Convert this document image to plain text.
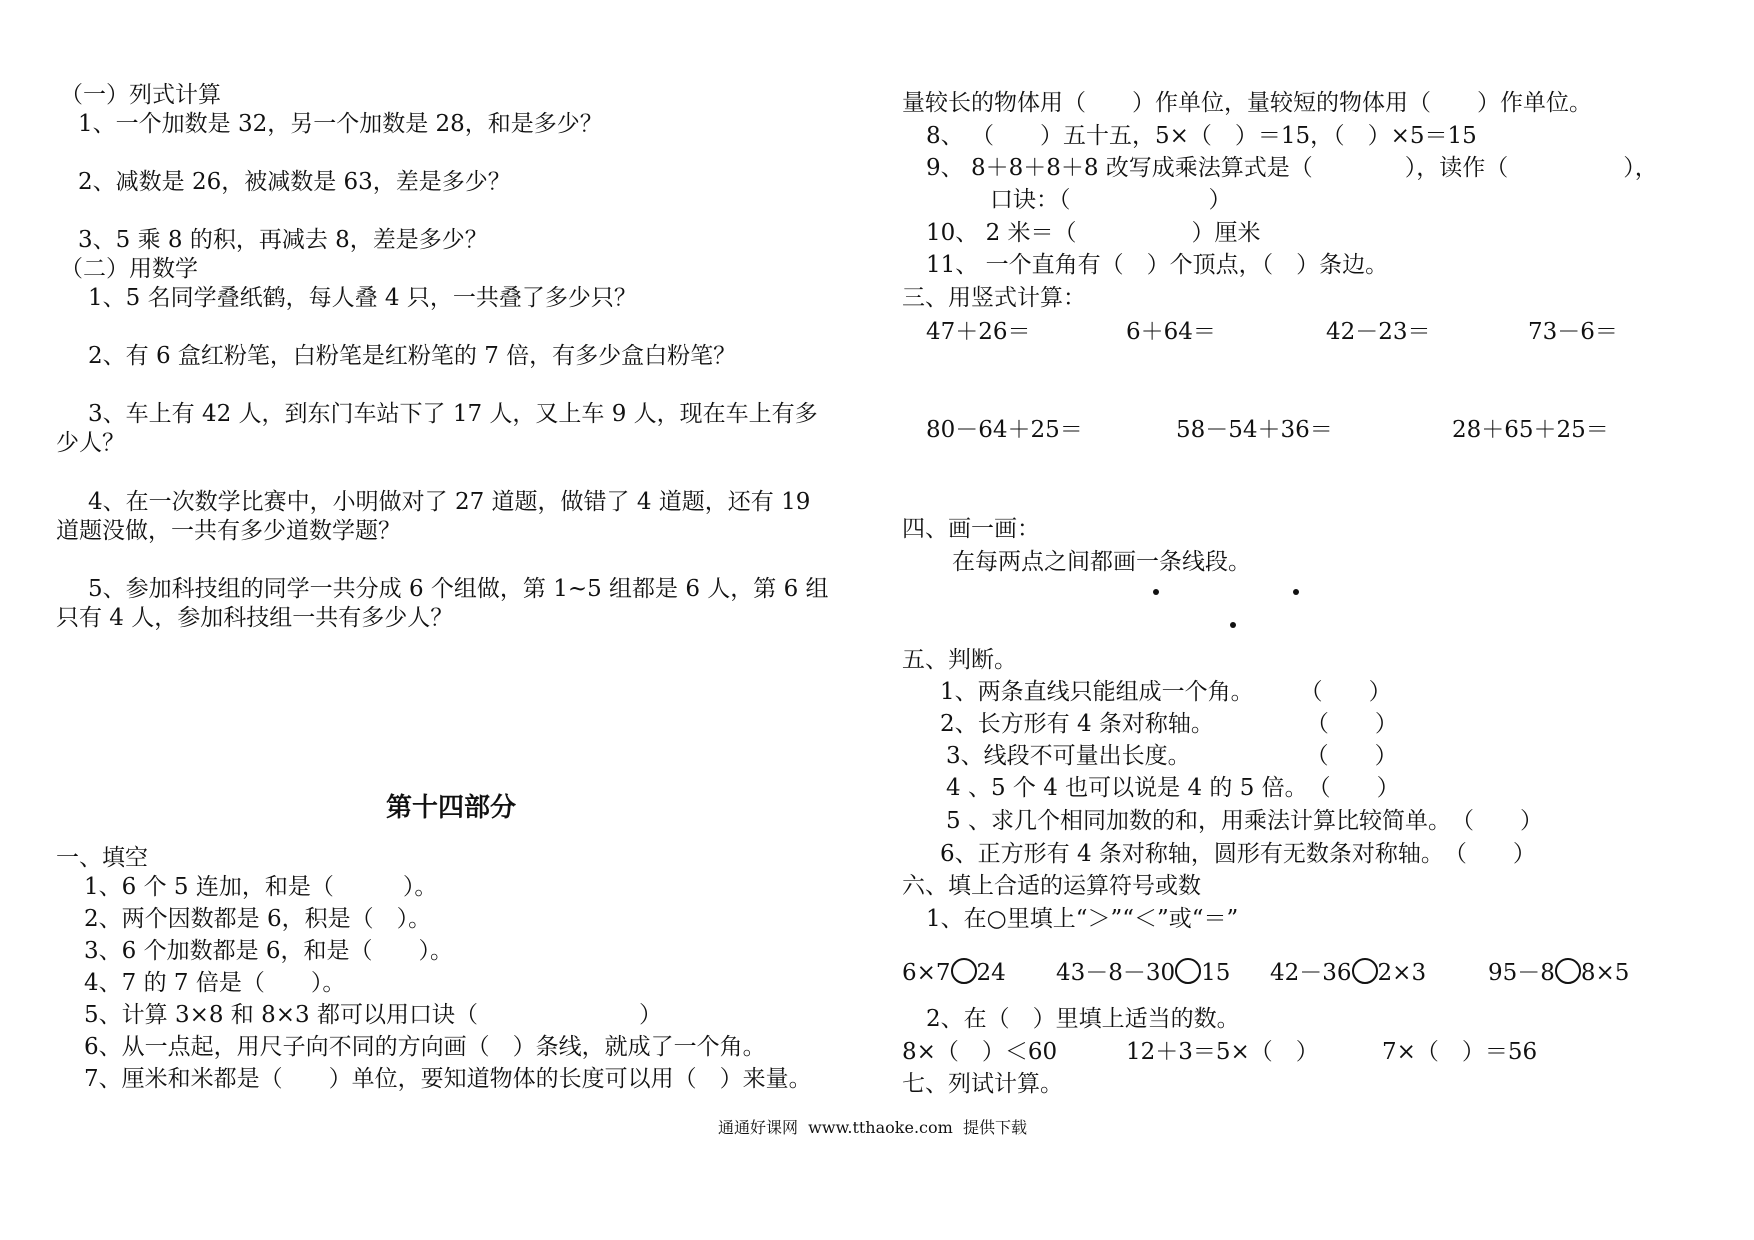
（一）列式计算
1、一个加数是 32，另一个加数是 28，和是多少？
2、减数是 26，被减数是 63，差是多少？
3、5 乘 8 的积，再减去 8，差是多少？
（二）用数学
1、5 名同学叠纸鹤，每人叠 4 只，一共叠了多少只？
2、有 6 盒红粉笔，白粉笔是红粉笔的 7 倍，有多少盒白粉笔？
3、车上有 42 人，到东门车站下了 17 人，又上车 9 人，现在车上有多
少人？
4、在一次数学比赛中，小明做对了 27 道题，做错了 4 道题，还有 19
道题没做，一共有多少道数学题？
5、参加科技组的同学一共分成 6 个组做，第 1~5 组都是 6 人，第 6 组
只有 4 人，参加科技组一共有多少人？
第十四部分
一、填空
1、6 个 5 连加，和是（　　　）。
2、两个因数都是 6，积是（　）。
3、6 个加数都是 6，和是（　　）。
4、7 的 7 倍是（　　）。
5、计算 3×8 和 8×3 都可以用口诀（　　　　　　　）
6、从一点起，用尺子向不同的方向画（　）条线，就成了一个角。
7、厘米和米都是（　　）单位，要知道物体的长度可以用（　）来量。
量较长的物体用（　　）作单位，量较短的物体用（　　）作单位。
8、 （　　）五十五，5×（　）＝15，（　）×5＝15
9、 8＋8＋8＋8 改写成乘法算式是（　　　　），读作（　　　　　），
口诀：（　　　　　　）
10、 2 米＝（　　　　　）厘米
11、 一个直角有（　）个顶点，（　）条边。
三、用竖式计算：
47＋26＝	6＋64＝	42－23＝	73－6＝
80－64＋25＝	58－54＋36＝	28＋65＋25＝
四、画一画：
在每两点之间都画一条线段。
五、判断。
1、两条直线只能组成一个角。　　　（　　）
2、长方形有 4 条对称轴。　　　　　（　　）
3、线段不可量出长度。　　　　　　（　　）
4 、5 个 4 也可以说是 4 的 5 倍。　（　　）
5 、求几个相同加数的和，用乘法计算比较简单。　（　　）
6、正方形有 4 条对称轴，圆形有无数条对称轴。　（　　）
六、填上合适的运算符号或数
1、在○里填上“＞”“＜”或“＝”
6×7 24 43－8－30 15 42－36 2×3	95－8 8×5
2、在（　）里填上适当的数。
8×（　）＜60	12＋3＝5×（　）	7×（　）＝56
七、列试计算。
通通好课网  www.tthaoke.com  提供下载
